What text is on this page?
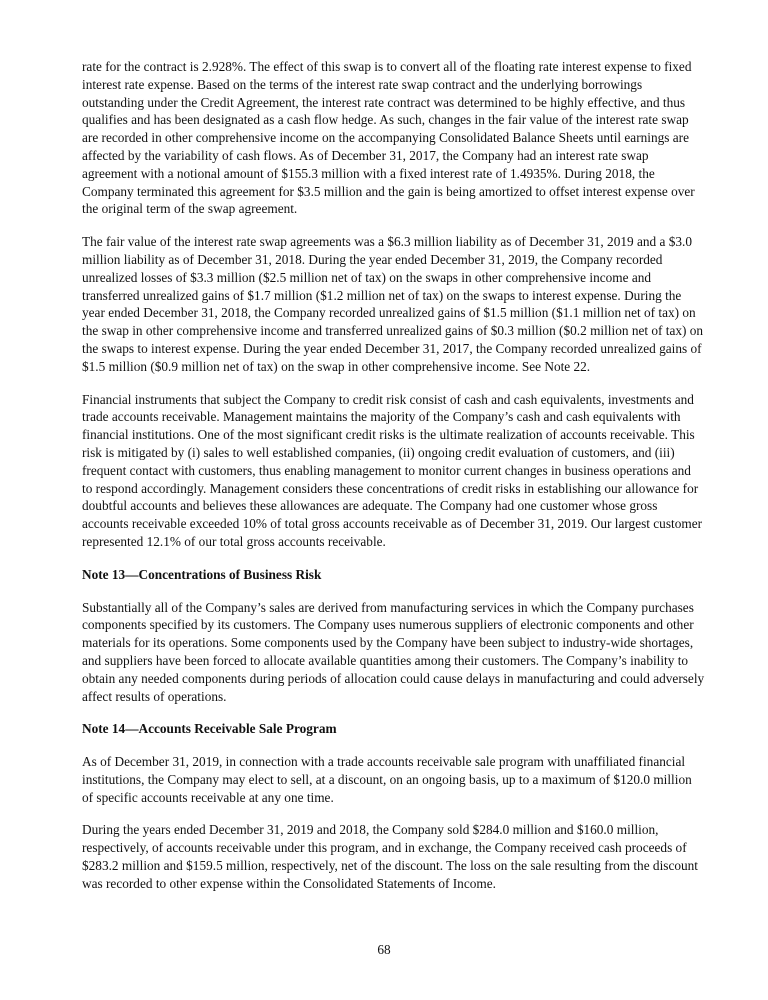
rate for the contract is 2.928%. The effect of this swap is to convert all of the floating rate interest expense to fixed
interest rate expense. Based on the terms of the interest rate swap contract and the underlying borrowings
outstanding under the Credit Agreement, the interest rate contract was determined to be highly effective, and thus
qualifies and has been designated as a cash flow hedge. As such, changes in the fair value of the interest rate swap
are recorded in other comprehensive income on the accompanying Consolidated Balance Sheets until earnings are
affected by the variability of cash flows. As of December 31, 2017, the Company had an interest rate swap
agreement with a notional amount of $155.3 million with a fixed interest rate of 1.4935%. During 2018, the
Company terminated this agreement for $3.5 million and the gain is being amortized to offset interest expense over
the original term of the swap agreement.
The fair value of the interest rate swap agreements was a $6.3 million liability as of December 31, 2019 and a $3.0
million liability as of December 31, 2018. During the year ended December 31, 2019, the Company recorded
unrealized losses of $3.3 million ($2.5 million net of tax) on the swaps in other comprehensive income and
transferred unrealized gains of $1.7 million ($1.2 million net of tax) on the swaps to interest expense. During the
year ended December 31, 2018, the Company recorded unrealized gains of $1.5 million ($1.1 million net of tax) on
the swap in other comprehensive income and transferred unrealized gains of $0.3 million ($0.2 million net of tax) on
the swaps to interest expense. During the year ended December 31, 2017, the Company recorded unrealized gains of
$1.5 million ($0.9 million net of tax) on the swap in other comprehensive income. See Note 22.
Financial instruments that subject the Company to credit risk consist of cash and cash equivalents, investments and
trade accounts receivable. Management maintains the majority of the Company’s cash and cash equivalents with
financial institutions. One of the most significant credit risks is the ultimate realization of accounts receivable. This
risk is mitigated by (i) sales to well established companies, (ii) ongoing credit evaluation of customers, and (iii)
frequent contact with customers, thus enabling management to monitor current changes in business operations and
to respond accordingly. Management considers these concentrations of credit risks in establishing our allowance for
doubtful accounts and believes these allowances are adequate. The Company had one customer whose gross
accounts receivable exceeded 10% of total gross accounts receivable as of December 31, 2019. Our largest customer
represented 12.1% of our total gross accounts receivable.
Note 13—Concentrations of Business Risk
Substantially all of the Company’s sales are derived from manufacturing services in which the Company purchases
components specified by its customers. The Company uses numerous suppliers of electronic components and other
materials for its operations. Some components used by the Company have been subject to industry-wide shortages,
and suppliers have been forced to allocate available quantities among their customers. The Company’s inability to
obtain any needed components during periods of allocation could cause delays in manufacturing and could adversely
affect results of operations.
Note 14—Accounts Receivable Sale Program
As of December 31, 2019, in connection with a trade accounts receivable sale program with unaffiliated financial
institutions, the Company may elect to sell, at a discount, on an ongoing basis, up to a maximum of $120.0 million
of specific accounts receivable at any one time.
During the years ended December 31, 2019 and 2018, the Company sold $284.0 million and $160.0 million,
respectively, of accounts receivable under this program, and in exchange, the Company received cash proceeds of
$283.2 million and $159.5 million, respectively, net of the discount. The loss on the sale resulting from the discount
was recorded to other expense within the Consolidated Statements of Income.
68
